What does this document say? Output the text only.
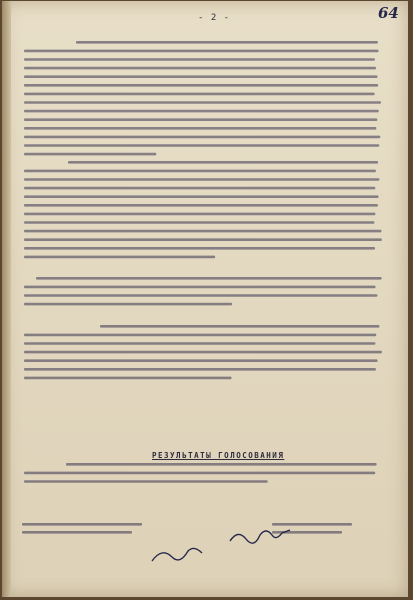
- 2 -	64
РЕЗУЛЬТАТЫ ГОЛОСОВАНИЯ
